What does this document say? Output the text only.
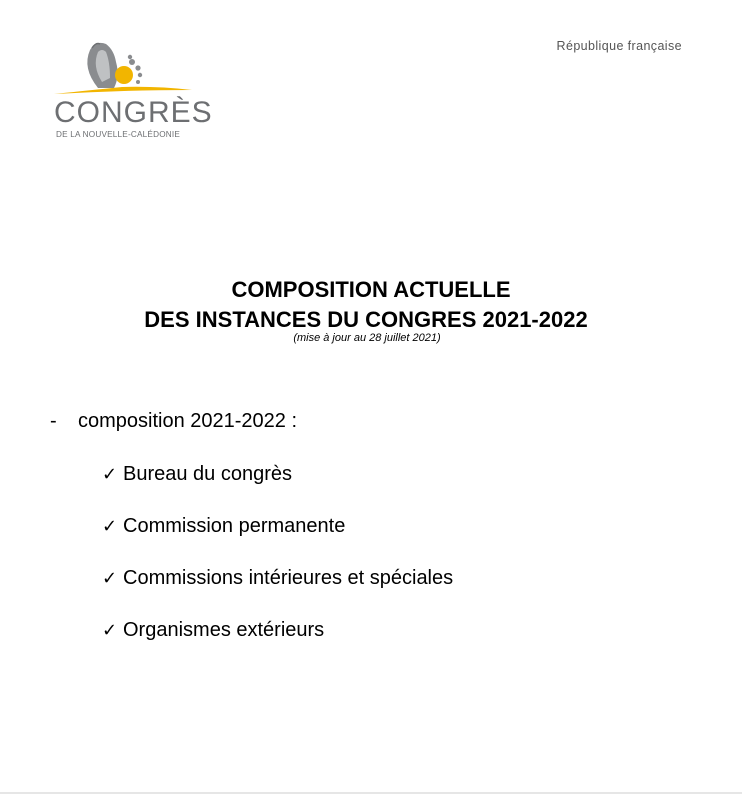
CONGRÈS
DE LA NOUVELLE-CALÉDONIE
République française
COMPOSITION ACTUELLE
DES INSTANCES DU CONGRES 2021-2022
(mise à jour au 28 juillet 2021)
- composition 2021-2022 :
✓ Bureau du congrès
✓ Commission permanente
✓ Commissions intérieures et spéciales
✓ Organismes extérieurs
